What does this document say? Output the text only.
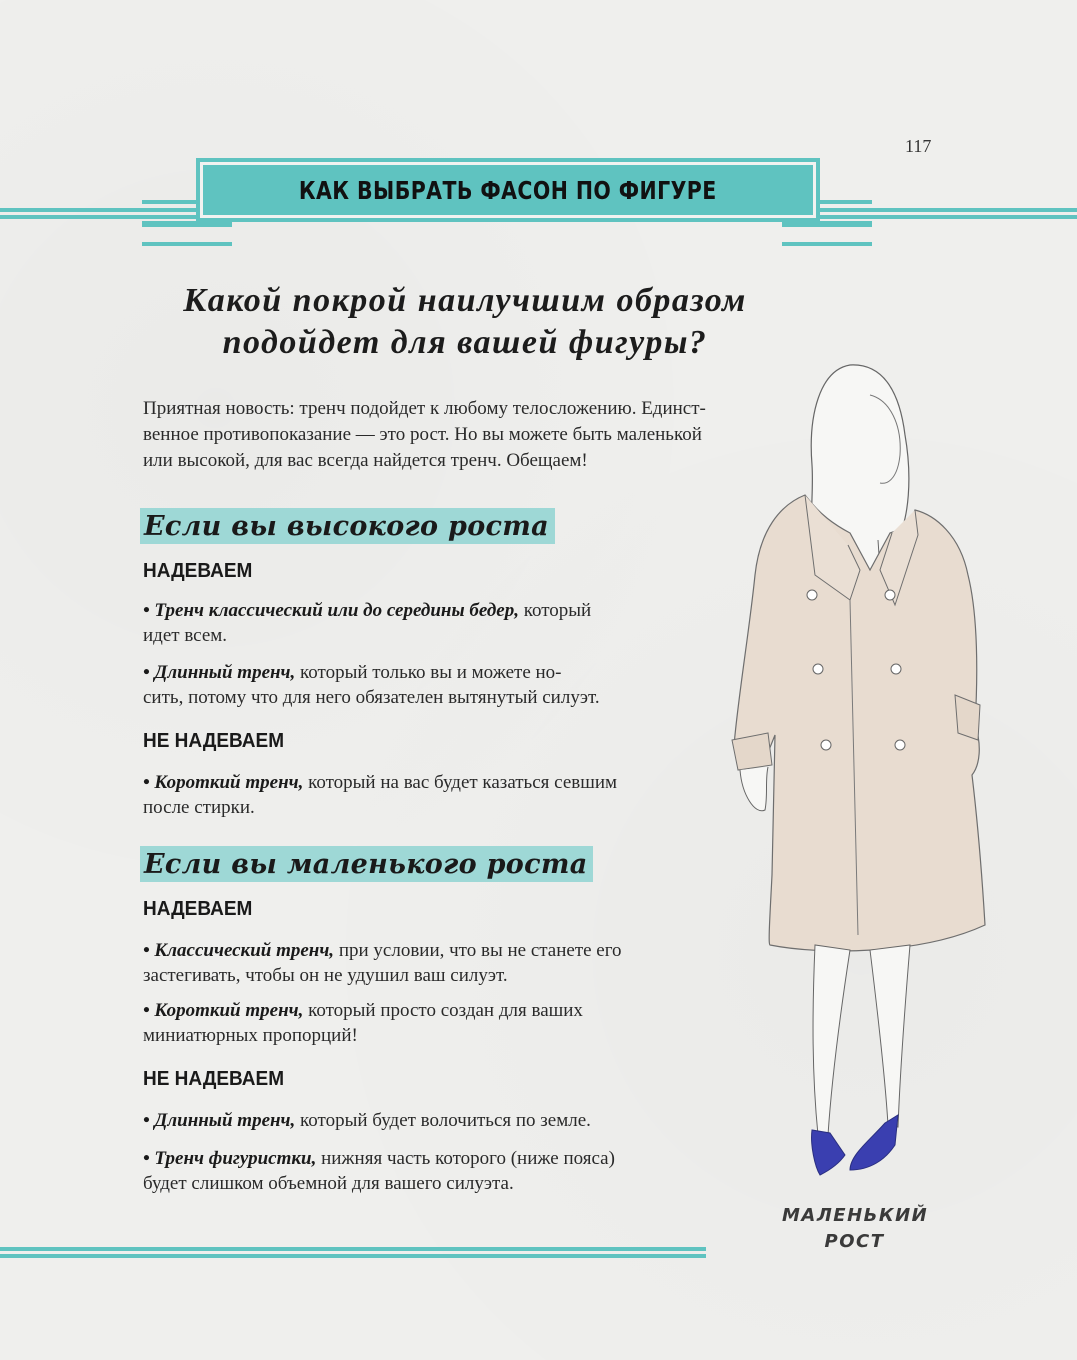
117
КАК ВЫБРАТЬ ФАСОН ПО ФИГУРЕ
Какой покрой наилучшим образом
подойдет для вашей фигуры?
Приятная новость: тренч подойдет к любому телосложению. Единст-
венное противопоказание — это рост. Но вы можете быть маленькой
или высокой, для вас всегда найдется тренч. Обещаем!
Если вы высокого роста
НАДЕВАЕМ
• Тренч классический или до середины бедер, который
идет всем.
• Длинный тренч, который только вы и можете но-
сить, потому что для него обязателен вытянутый силуэт.
НЕ НАДЕВАЕМ
• Короткий тренч, который на вас будет казаться севшим
после стирки.
Если вы маленького роста
НАДЕВАЕМ
• Классический тренч, при условии, что вы не станете его
застегивать, чтобы он не удушил ваш силуэт.
• Короткий тренч, который просто создан для ваших
миниатюрных пропорций!
НЕ НАДЕВАЕМ
• Длинный тренч, который будет волочиться по земле.
• Тренч фигуристки, нижняя часть которого (ниже пояса)
будет слишком объемной для вашего силуэта.
МАЛЕНЬКИЙ
РОСТ
